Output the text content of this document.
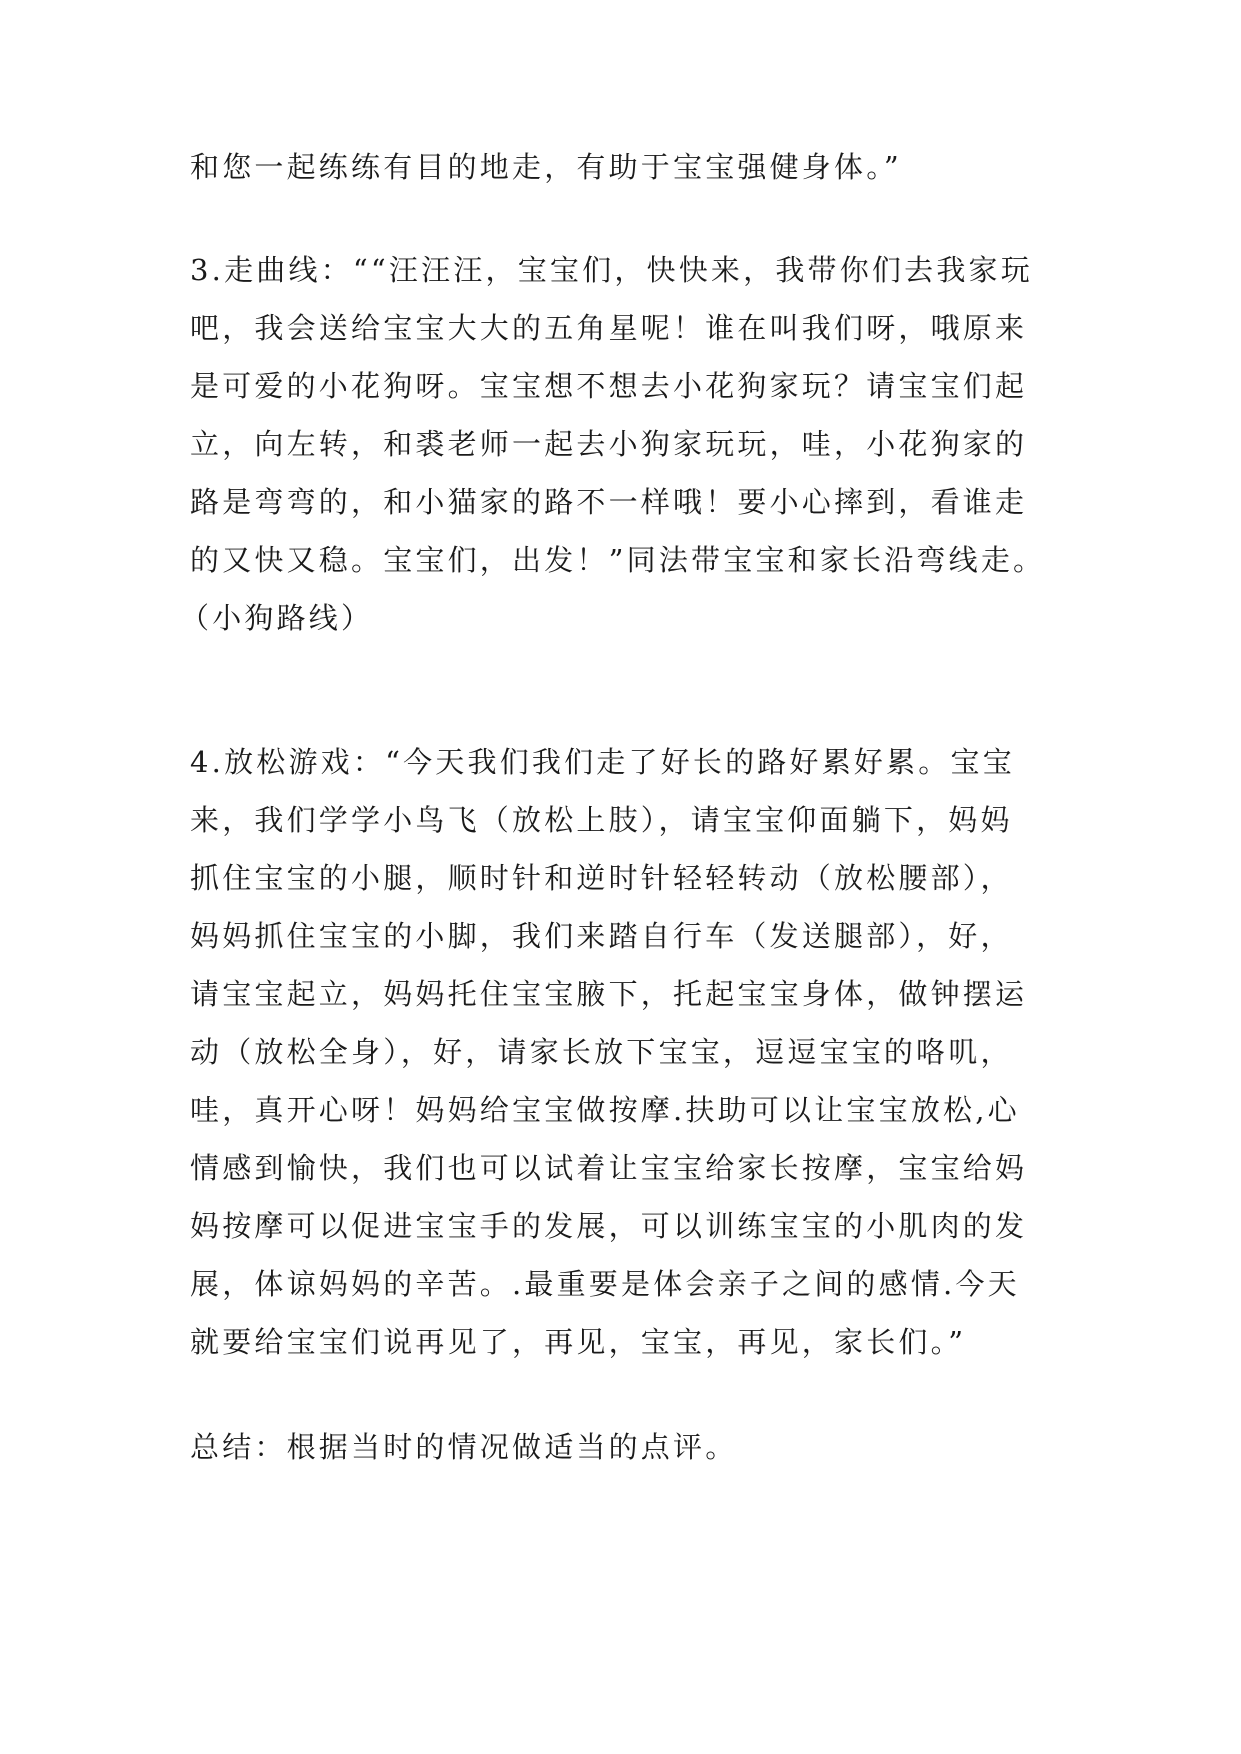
和您一起练练有目的地走，有助于宝宝强健身体。”
3.走曲线：““汪汪汪，宝宝们，快快来，我带你们去我家玩
吧，我会送给宝宝大大的五角星呢！谁在叫我们呀，哦原来
是可爱的小花狗呀。宝宝想不想去小花狗家玩？请宝宝们起
立，向左转，和裘老师一起去小狗家玩玩，哇，小花狗家的
路是弯弯的，和小猫家的路不一样哦！要小心摔到，看谁走
的又快又稳。宝宝们，出发！”同法带宝宝和家长沿弯线走。
（小狗路线）
4.放松游戏：“今天我们我们走了好长的路好累好累。宝宝
来，我们学学小鸟飞（放松上肢），请宝宝仰面躺下，妈妈
抓住宝宝的小腿，顺时针和逆时针轻轻转动（放松腰部），
妈妈抓住宝宝的小脚，我们来踏自行车（发送腿部），好，
请宝宝起立，妈妈托住宝宝腋下，托起宝宝身体，做钟摆运
动（放松全身），好，请家长放下宝宝，逗逗宝宝的咯叽，
哇，真开心呀！妈妈给宝宝做按摩.扶助可以让宝宝放松,心
情感到愉快，我们也可以试着让宝宝给家长按摩，宝宝给妈
妈按摩可以促进宝宝手的发展，可以训练宝宝的小肌肉的发
展，体谅妈妈的辛苦。.最重要是体会亲子之间的感情.今天
就要给宝宝们说再见了，再见，宝宝，再见，家长们。”
总结：根据当时的情况做适当的点评。
